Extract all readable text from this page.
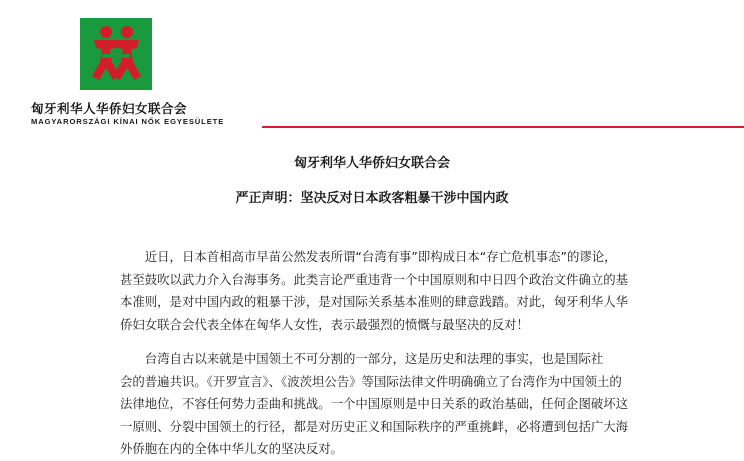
匈牙利华人华侨妇女联合会
MAGYARORSZÁGI KÍNAI NŐK EGYESÜLETE
匈牙利华人华侨妇女联合会
严正声明：坚决反对日本政客粗暴干涉中国内政

　　近日，日本首相高市早苗公然发表所谓“台湾有事”即构成日本“存亡危机事态”的谬论，
甚至鼓吹以武力介入台海事务。此类言论严重违背一个中国原则和中日四个政治文件确立的基
本准则，是对中国内政的粗暴干涉，是对国际关系基本准则的肆意践踏。对此，匈牙利华人华
侨妇女联合会代表全体在匈华人女性，表示最强烈的愤慨与最坚决的反对！

　　台湾自古以来就是中国领土不可分割的一部分，这是历史和法理的事实，也是国际社
会的普遍共识。《开罗宣言》、《波茨坦公告》等国际法律文件明确确立了台湾作为中国领土的
法律地位，不容任何势力歪曲和挑战。一个中国原则是中日关系的政治基础，任何企图破坏这
一原则、分裂中国领土的行径，都是对历史正义和国际秩序的严重挑衅，必将遭到包括广大海
外侨胞在内的全体中华儿女的坚决反对。
